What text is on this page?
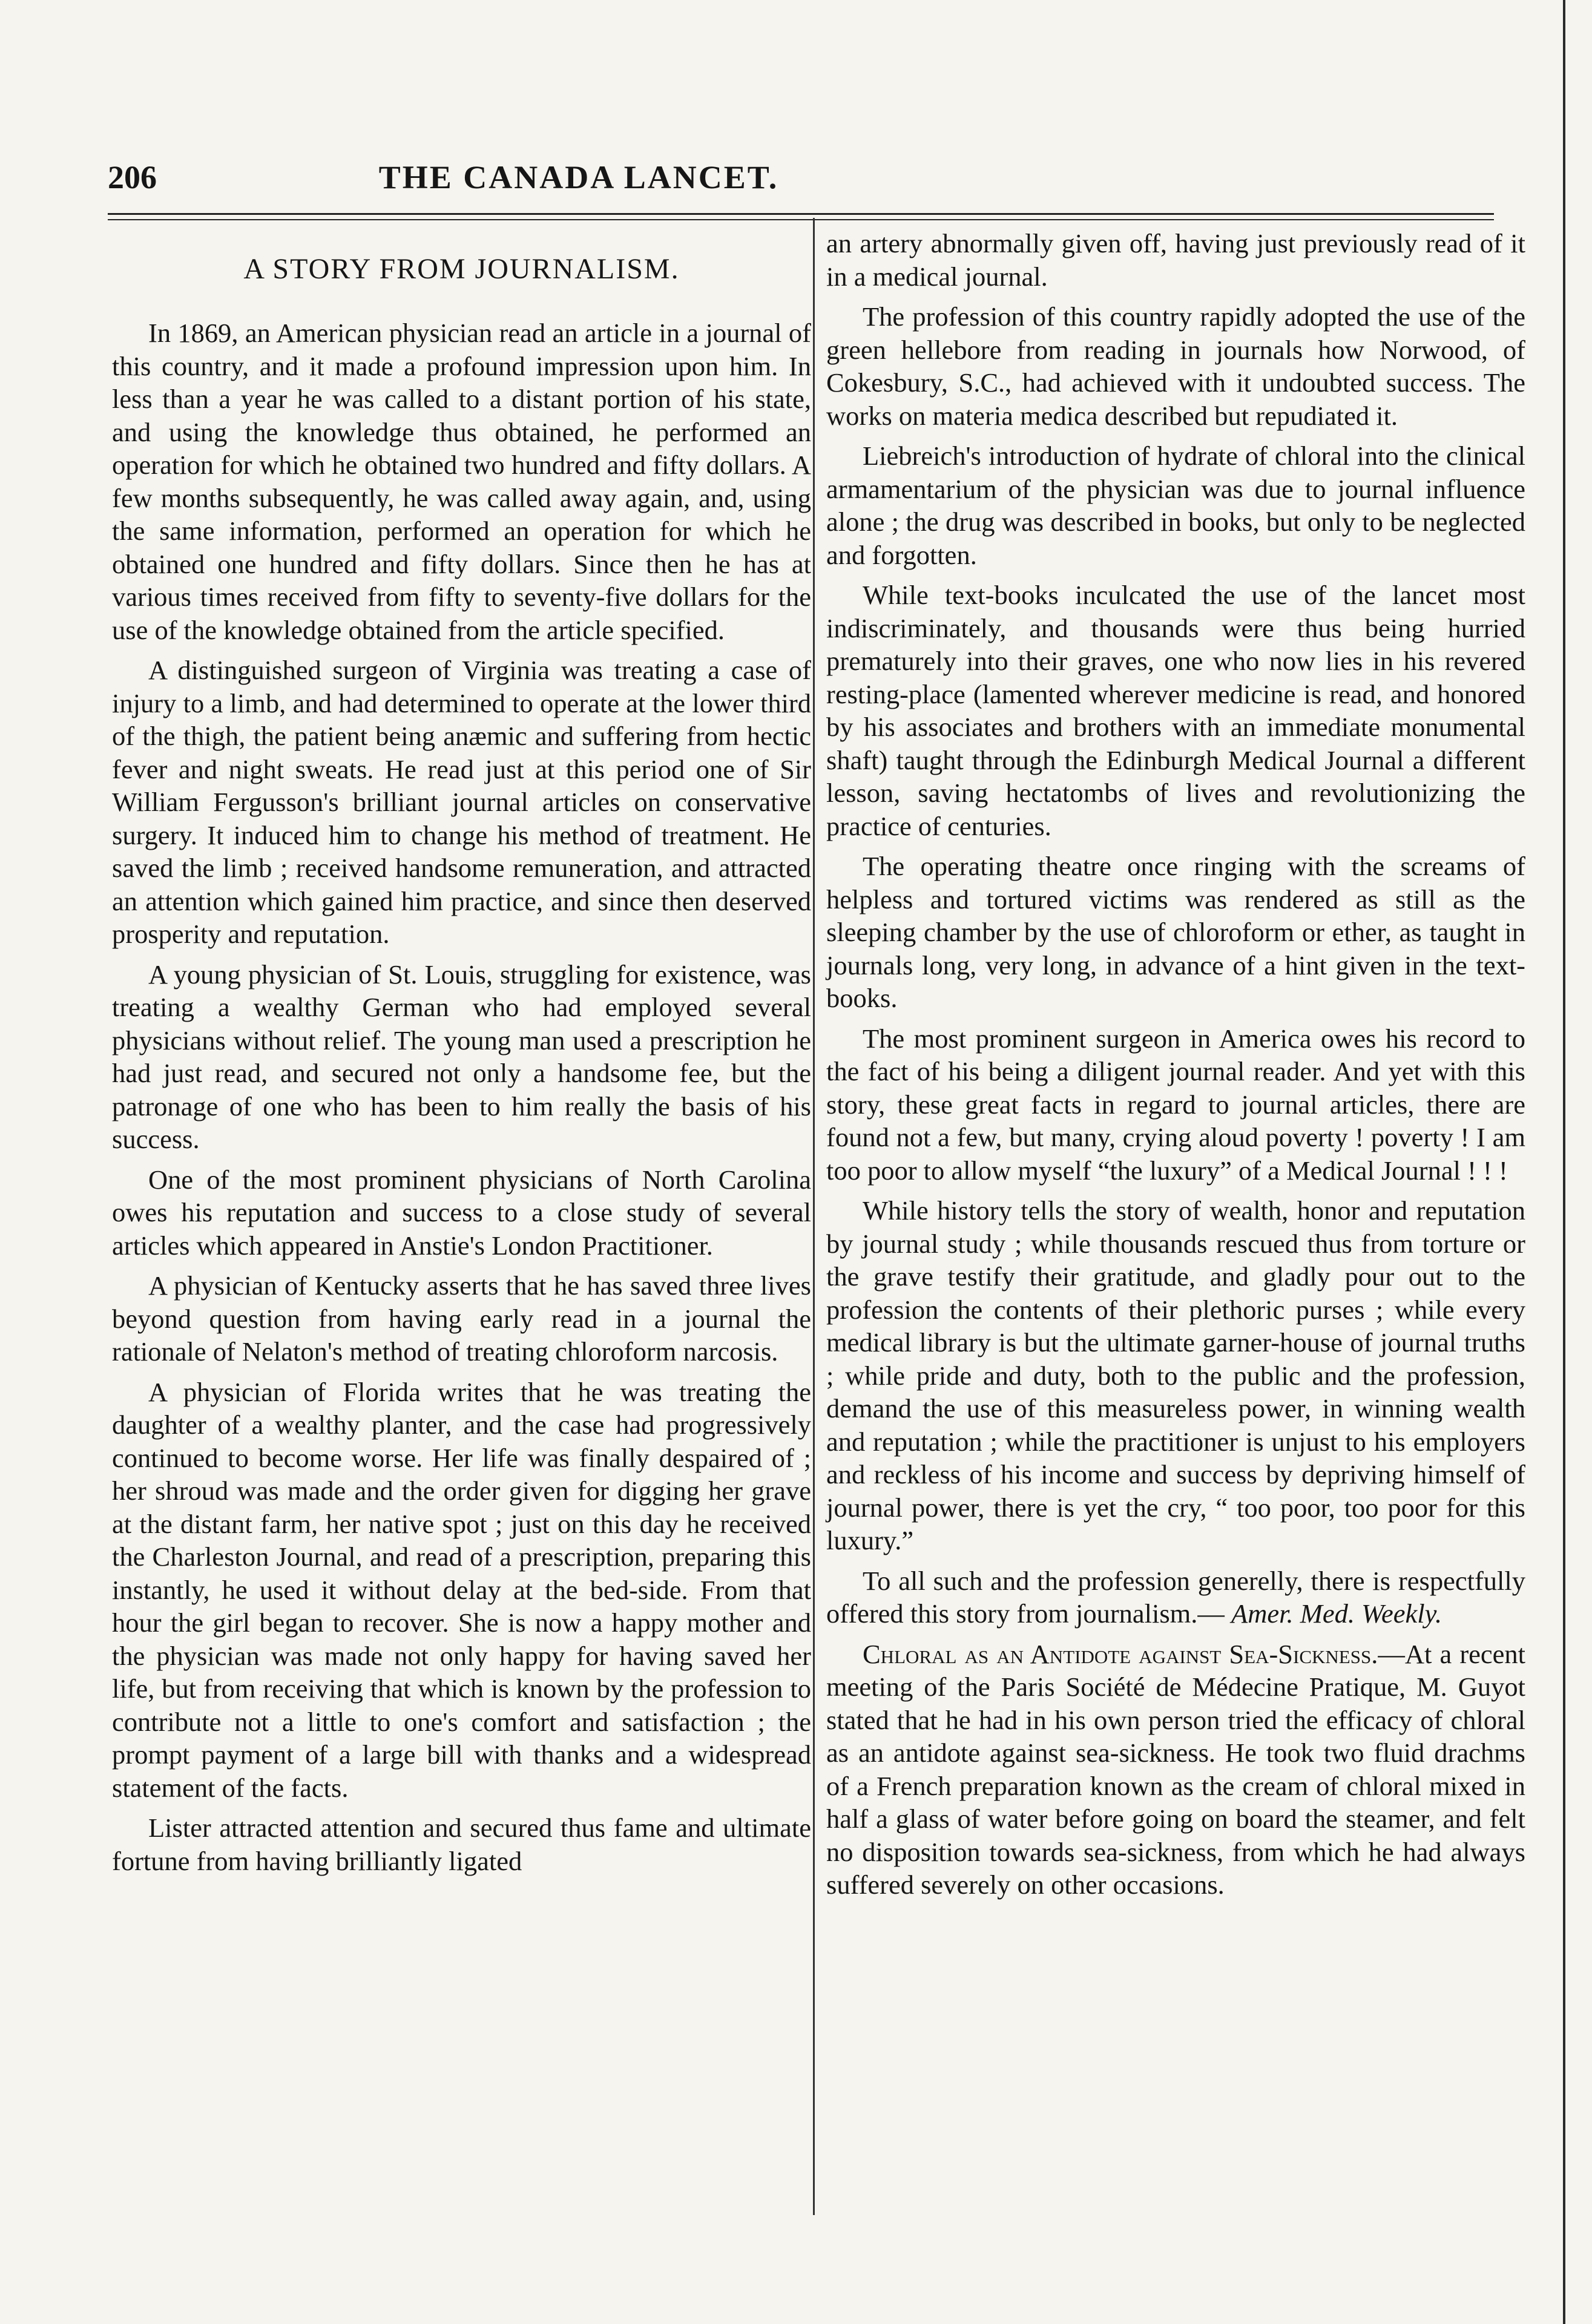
206	THE CANADA LANCET.
A STORY FROM JOURNALISM.

In 1869, an American physician read an article in a journal of this country, and it made a profound impression upon him. In less than a year he was called to a distant portion of his state, and using the knowledge thus obtained, he performed an operation for which he obtained two hundred and fifty dollars. A few months subsequently, he was called away again, and, using the same information, performed an operation for which he obtained one hundred and fifty dollars. Since then he has at various times received from fifty to seventy-five dollars for the use of the knowledge obtained from the article specified.

A distinguished surgeon of Virginia was treating a case of injury to a limb, and had determined to operate at the lower third of the thigh, the patient being anæmic and suffering from hectic fever and night sweats. He read just at this period one of Sir William Fergusson's brilliant journal articles on conservative surgery. It induced him to change his method of treatment. He saved the limb ; received handsome remuneration, and attracted an attention which gained him practice, and since then deserved prosperity and reputation.

A young physician of St. Louis, struggling for existence, was treating a wealthy German who had employed several physicians without relief. The young man used a prescription he had just read, and secured not only a handsome fee, but the patronage of one who has been to him really the basis of his success.

One of the most prominent physicians of North Carolina owes his reputation and success to a close study of several articles which appeared in Anstie's London Practitioner.

A physician of Kentucky asserts that he has saved three lives beyond question from having early read in a journal the rationale of Nelaton's method of treating chloroform narcosis.

A physician of Florida writes that he was treating the daughter of a wealthy planter, and the case had progressively continued to become worse. Her life was finally despaired of ; her shroud was made and the order given for digging her grave at the distant farm, her native spot ; just on this day he received the Charleston Journal, and read of a prescription, preparing this instantly, he used it without delay at the bed-side. From that hour the girl began to recover. She is now a happy mother and the physician was made not only happy for having saved her life, but from receiving that which is known by the profession to contribute not a little to one's comfort and satisfaction ; the prompt payment of a large bill with thanks and a widespread statement of the facts.

Lister attracted attention and secured thus fame and ultimate fortune from having brilliantly ligated

an artery abnormally given off, having just previously read of it in a medical journal.

The profession of this country rapidly adopted the use of the green hellebore from reading in journals how Norwood, of Cokesbury, S.C., had achieved with it undoubted success. The works on materia medica described but repudiated it.

Liebreich's introduction of hydrate of chloral into the clinical armamentarium of the physician was due to journal influence alone ; the drug was described in books, but only to be neglected and forgotten.

While text-books inculcated the use of the lancet most indiscriminately, and thousands were thus being hurried prematurely into their graves, one who now lies in his revered resting-place (lamented wherever medicine is read, and honored by his associates and brothers with an immediate monumental shaft) taught through the Edinburgh Medical Journal a different lesson, saving hectatombs of lives and revolutionizing the practice of centuries.

The operating theatre once ringing with the screams of helpless and tortured victims was rendered as still as the sleeping chamber by the use of chloroform or ether, as taught in journals long, very long, in advance of a hint given in the text-books.

The most prominent surgeon in America owes his record to the fact of his being a diligent journal reader. And yet with this story, these great facts in regard to journal articles, there are found not a few, but many, crying aloud poverty ! poverty ! I am too poor to allow myself “the luxury” of a Medical Journal ! ! !

While history tells the story of wealth, honor and reputation by journal study ; while thousands rescued thus from torture or the grave testify their gratitude, and gladly pour out to the profession the contents of their plethoric purses ; while every medical library is but the ultimate garner-house of journal truths ; while pride and duty, both to the public and the profession, demand the use of this measureless power, in winning wealth and reputation ; while the practitioner is unjust to his employers and reckless of his income and success by depriving himself of journal power, there is yet the cry, “ too poor, too poor for this luxury.”

To all such and the profession generelly, there is respectfully offered this story from journalism.— Amer. Med. Weekly.

Chloral as an Antidote against Sea-Sickness.—At a recent meeting of the Paris Société de Médecine Pratique, M. Guyot stated that he had in his own person tried the efficacy of chloral as an antidote against sea-sickness. He took two fluid drachms of a French preparation known as the cream of chloral mixed in half a glass of water before going on board the steamer, and felt no disposition towards sea-sickness, from which he had always suffered severely on other occasions.
